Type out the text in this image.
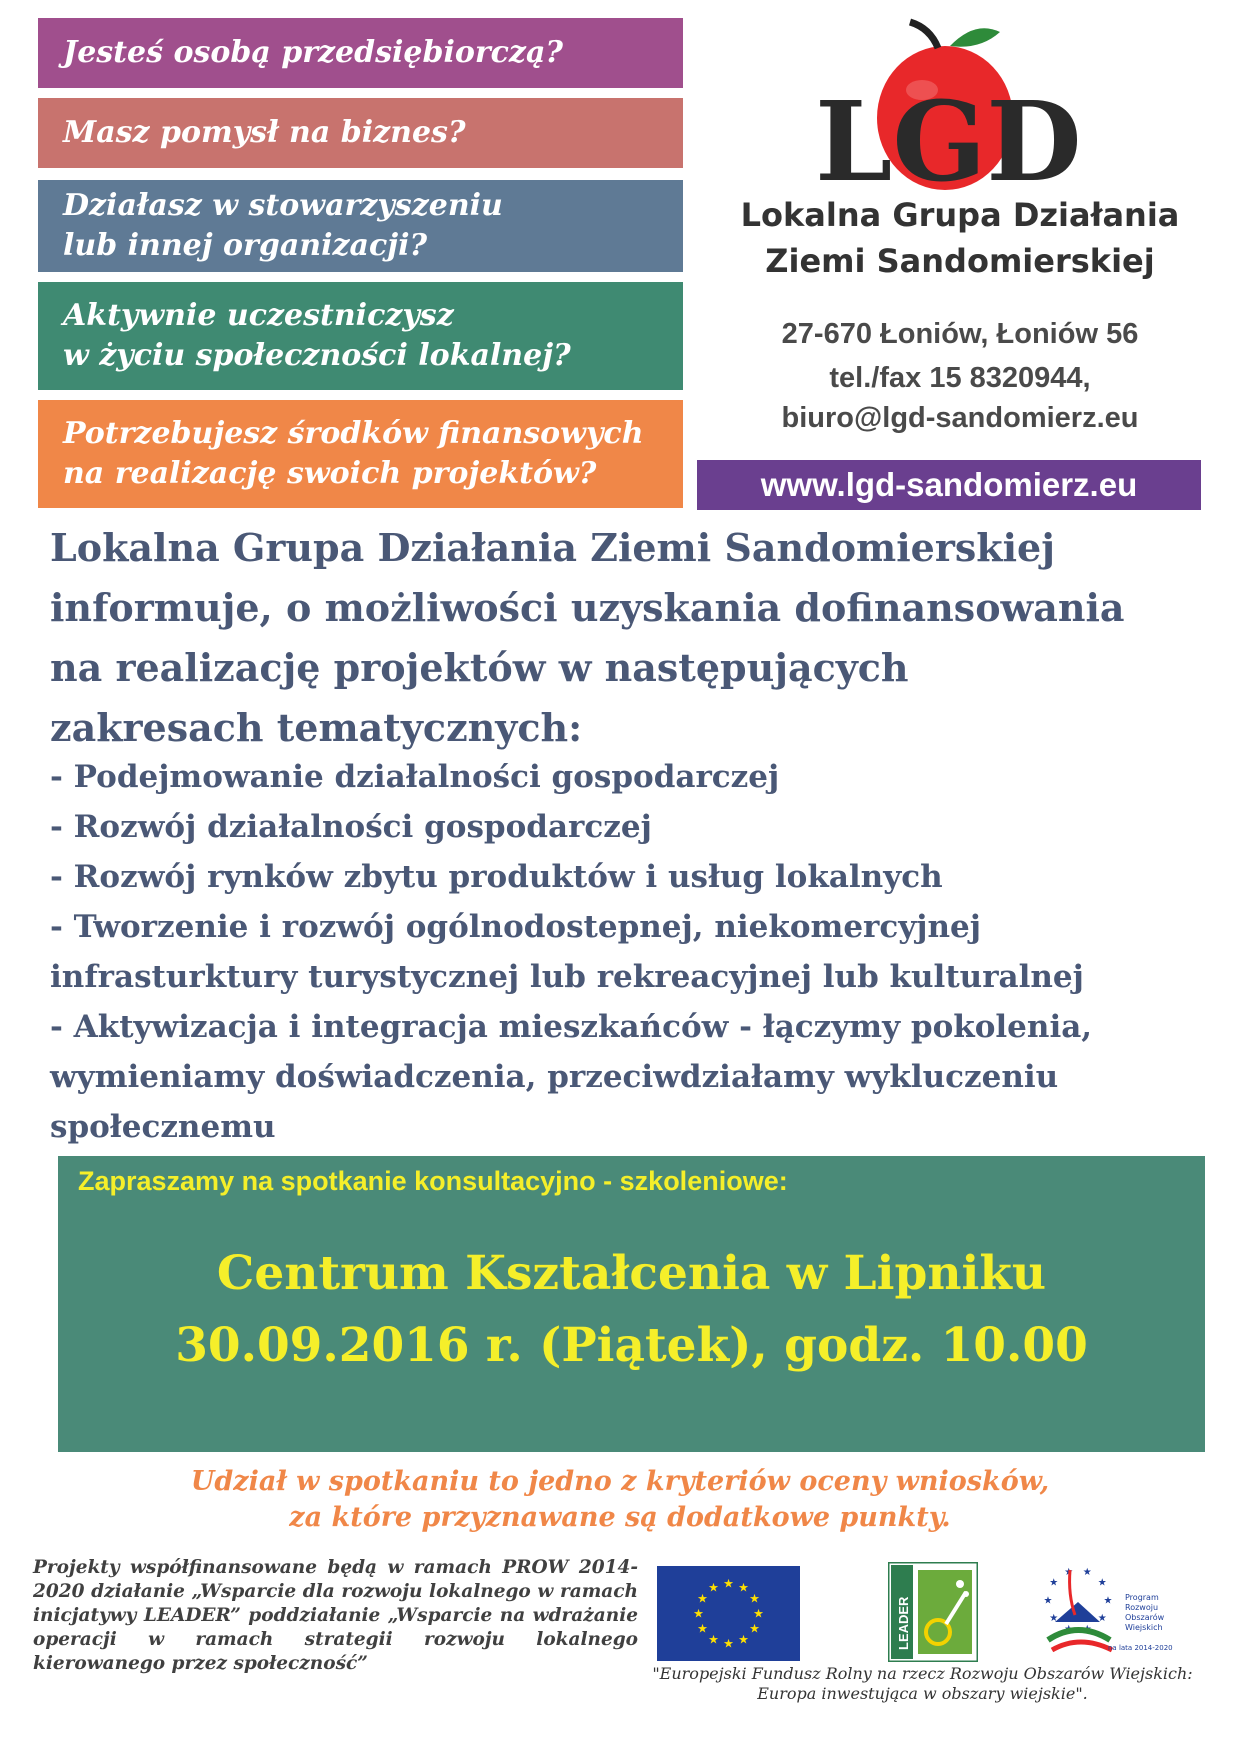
Jesteś osobą przedsiębiorczą?
Masz pomysł na biznes?
Działasz w stowarzyszeniu
lub innej organizacji?
Aktywnie uczestniczysz
w życiu społeczności lokalnej?
Potrzebujesz środków finansowych
na realizację swoich projektów?
LGD
Lokalna Grupa Działania
Ziemi Sandomierskiej
27-670 Łoniów, Łoniów 56
tel./fax 15 8320944,
biuro@lgd-sandomierz.eu
www.lgd-sandomierz.eu
Lokalna Grupa Działania Ziemi Sandomierskiej
informuje, o możliwości uzyskania dofinansowania
na realizację projektów w następujących
zakresach tematycznych:
- Podejmowanie działalności gospodarczej
- Rozwój działalności gospodarczej
- Rozwój rynków zbytu produktów i usług lokalnych
- Tworzenie i rozwój ogólnodostepnej, niekomercyjnej
infrasturktury turystycznej lub rekreacyjnej lub kulturalnej
- Aktywizacja i integracja mieszkańców - łączymy pokolenia,
wymieniamy doświadczenia, przeciwdziałamy wykluczeniu
społecznemu
Zapraszamy na spotkanie konsultacyjno - szkoleniowe:
Centrum Kształcenia w Lipniku
30.09.2016 r. (Piątek), godz. 10.00
Udział w spotkaniu to jedno z kryteriów oceny wniosków,
za które przyznawane są dodatkowe punkty.
Projekty współfinansowane będą w ramach PROW 2014-2020 działanie „Wsparcie dla rozwoju lokalnego w ramach inicjatywy LEADER” poddziałanie „Wsparcie na wdrażanie operacji w ramach strategii rozwoju lokalnego kierowanego przez społeczność”
★
★
★
★
★
★
★
★
★ ★ ★
★	LEADER	★
★
★
★
★
★
★
★ ★
★
Program
Rozwoju
Obszarów
Wiejskich
na lata 2014-2020
"Europejski Fundusz Rolny na rzecz Rozwoju Obszarów Wiejskich:
Europa inwestująca w obszary wiejskie".
